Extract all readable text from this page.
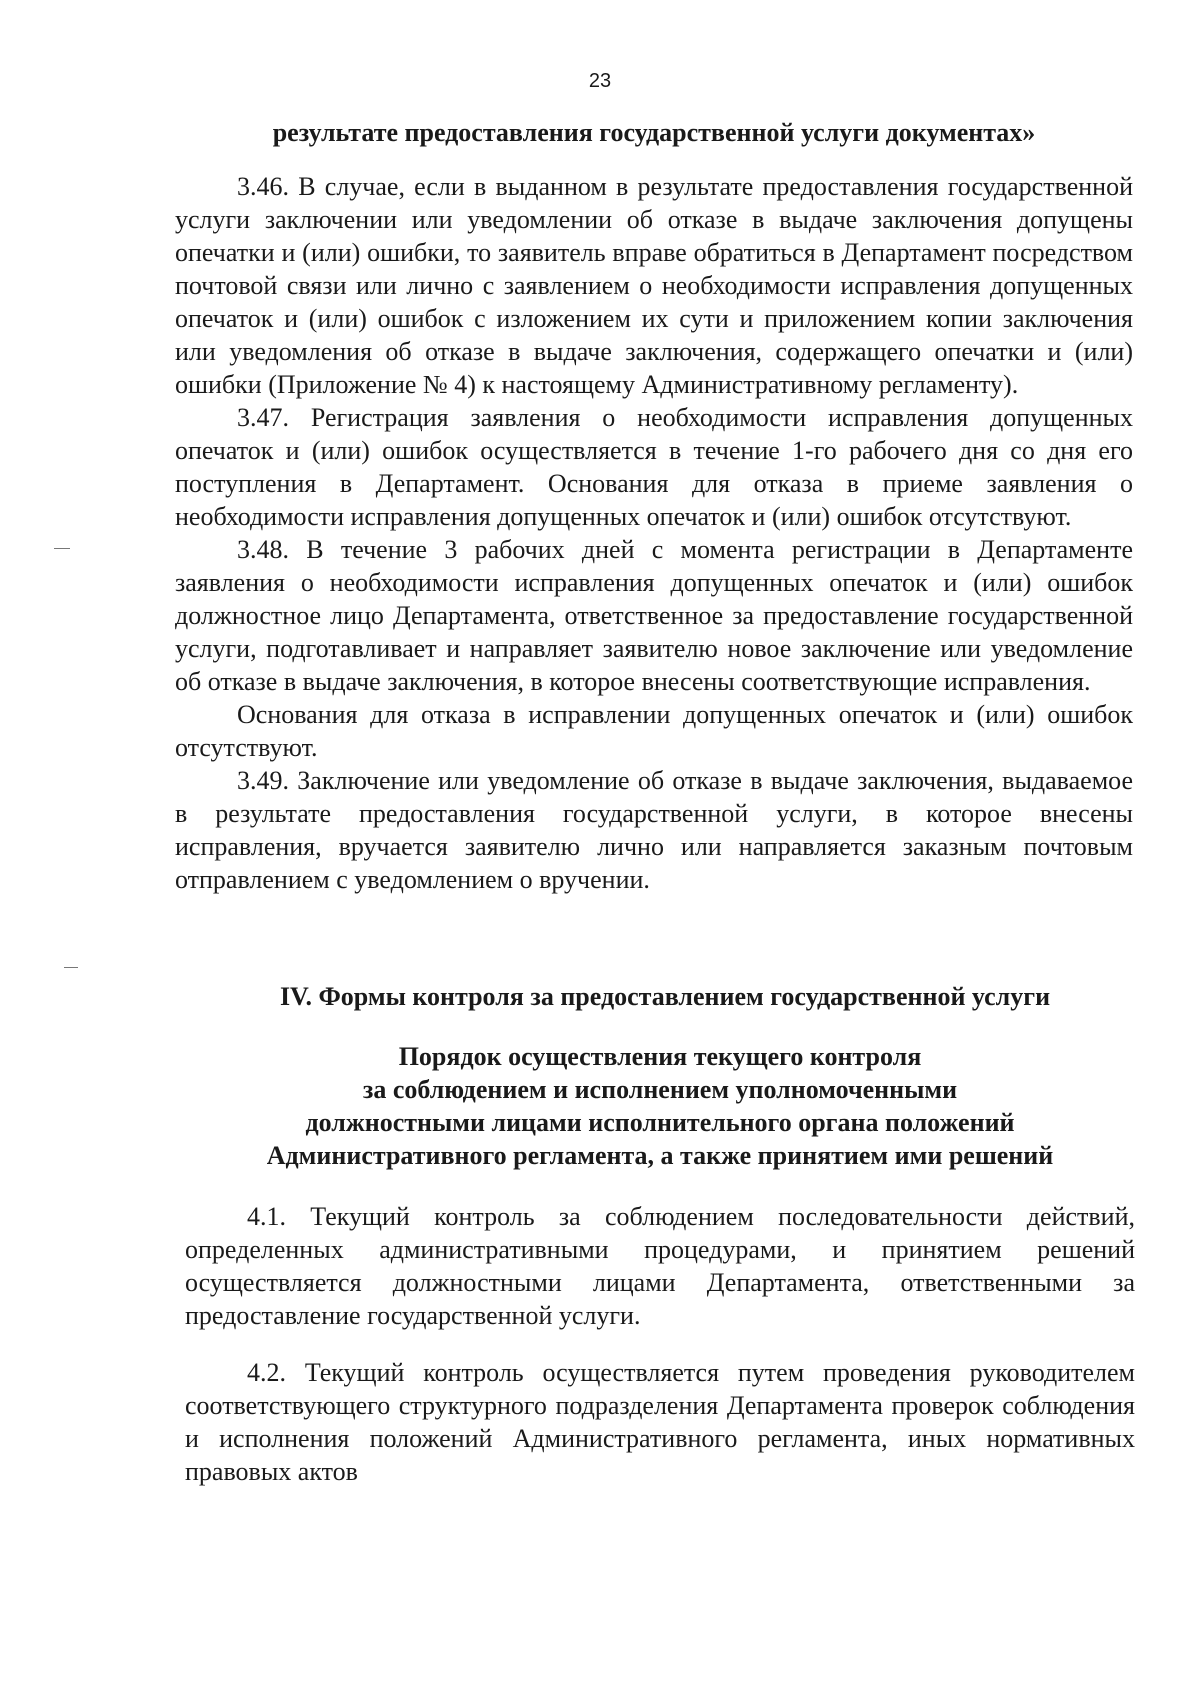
23
результате предоставления государственной услуги документах»

3.46. В случае, если в выданном в результате предоставления государственной услуги заключении или уведомлении об отказе в выдаче заключения допущены опечатки и (или) ошибки, то заявитель вправе обратиться в Департамент посредством почтовой связи или лично с заявлением о необходимости исправления допущенных опечаток и (или) ошибок с изложением их сути и приложением копии заключения или уведомления об отказе в выдаче заключения, содержащего опечатки и (или) ошибки (Приложение № 4) к настоящему Административному регламенту).

3.47. Регистрация заявления о необходимости исправления допущенных опечаток и (или) ошибок осуществляется в течение 1-го рабочего дня со дня его поступления в Департамент. Основания для отказа в приеме заявления о необходимости исправления допущенных опечаток и (или) ошибок отсутствуют.

3.48. В течение 3 рабочих дней с момента регистрации в Департаменте заявления о необходимости исправления допущенных опечаток и (или) ошибок должностное лицо Департамента, ответственное за предоставление государственной услуги, подготавливает и направляет заявителю новое заключение или уведомление об отказе в выдаче заключения, в которое внесены соответствующие исправления.

Основания для отказа в исправлении допущенных опечаток и (или) ошибок отсутствуют.

3.49. Заключение или уведомление об отказе в выдаче заключения, выдаваемое в результате предоставления государственной услуги, в которое внесены исправления, вручается заявителю лично или направляется заказным почтовым отправлением с уведомлением о вручении.

IV. Формы контроля за предоставлением государственной услуги
Порядок осуществления текущего контроля
за соблюдением и исполнением уполномоченными
должностными лицами исполнительного органа положений
Административного регламента, а также принятием ими решений

4.1. Текущий контроль за соблюдением последовательности действий, определенных административными процедурами, и принятием решений осуществляется должностными лицами Департамента, ответственными за предоставление государственной услуги.

4.2. Текущий контроль осуществляется путем проведения руководителем соответствующего структурного подразделения Департамента проверок соблюдения и исполнения положений Административного регламента, иных нормативных правовых актов
